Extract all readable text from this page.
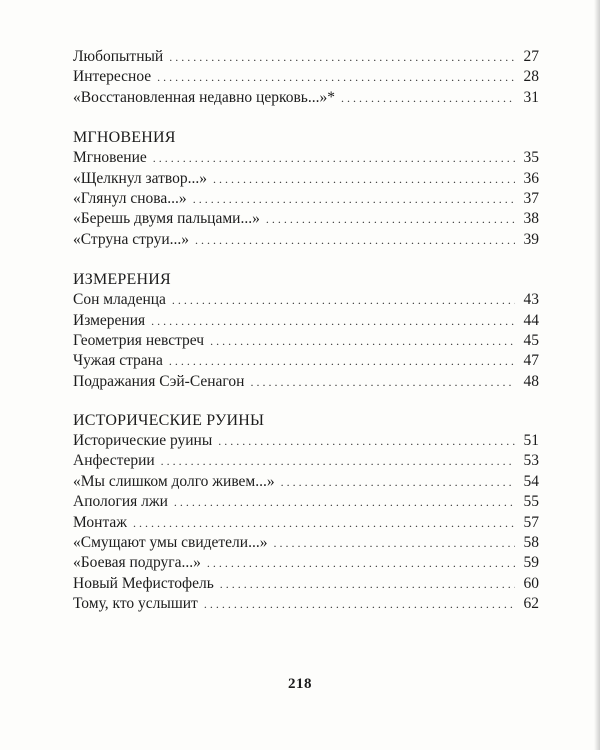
Любопытный . . .	27
Интересное . . .	28
«Восстановленная недавно церковь...»* . . .	31
МГНОВЕНИЯ
Мгновение . . .	35
«Щелкнул затвор...» . . .	36
«Глянул снова...» . . .	37
«Берешь двумя пальцами...» . . .	38
«Струна струи...» . . .	39
ИЗМЕРЕНИЯ
Сон младенца . . .	43
Измерения . . .	44
Геометрия невстреч . . .	45
Чужая страна . . .	47
Подражания Сэй-Сенагон . . .	48
ИСТОРИЧЕСКИЕ РУИНЫ
Исторические руины . . .	51
Анфестерии . . .	53
«Мы слишком долго живем...» . . .	54
Апология лжи . . .	55
Монтаж . . .	57
«Смущают умы свидетели...» . . .	58
«Боевая подруга...» . . .	59
Новый Мефистофель . . .	60
Тому, кто услышит . . .	62
218
